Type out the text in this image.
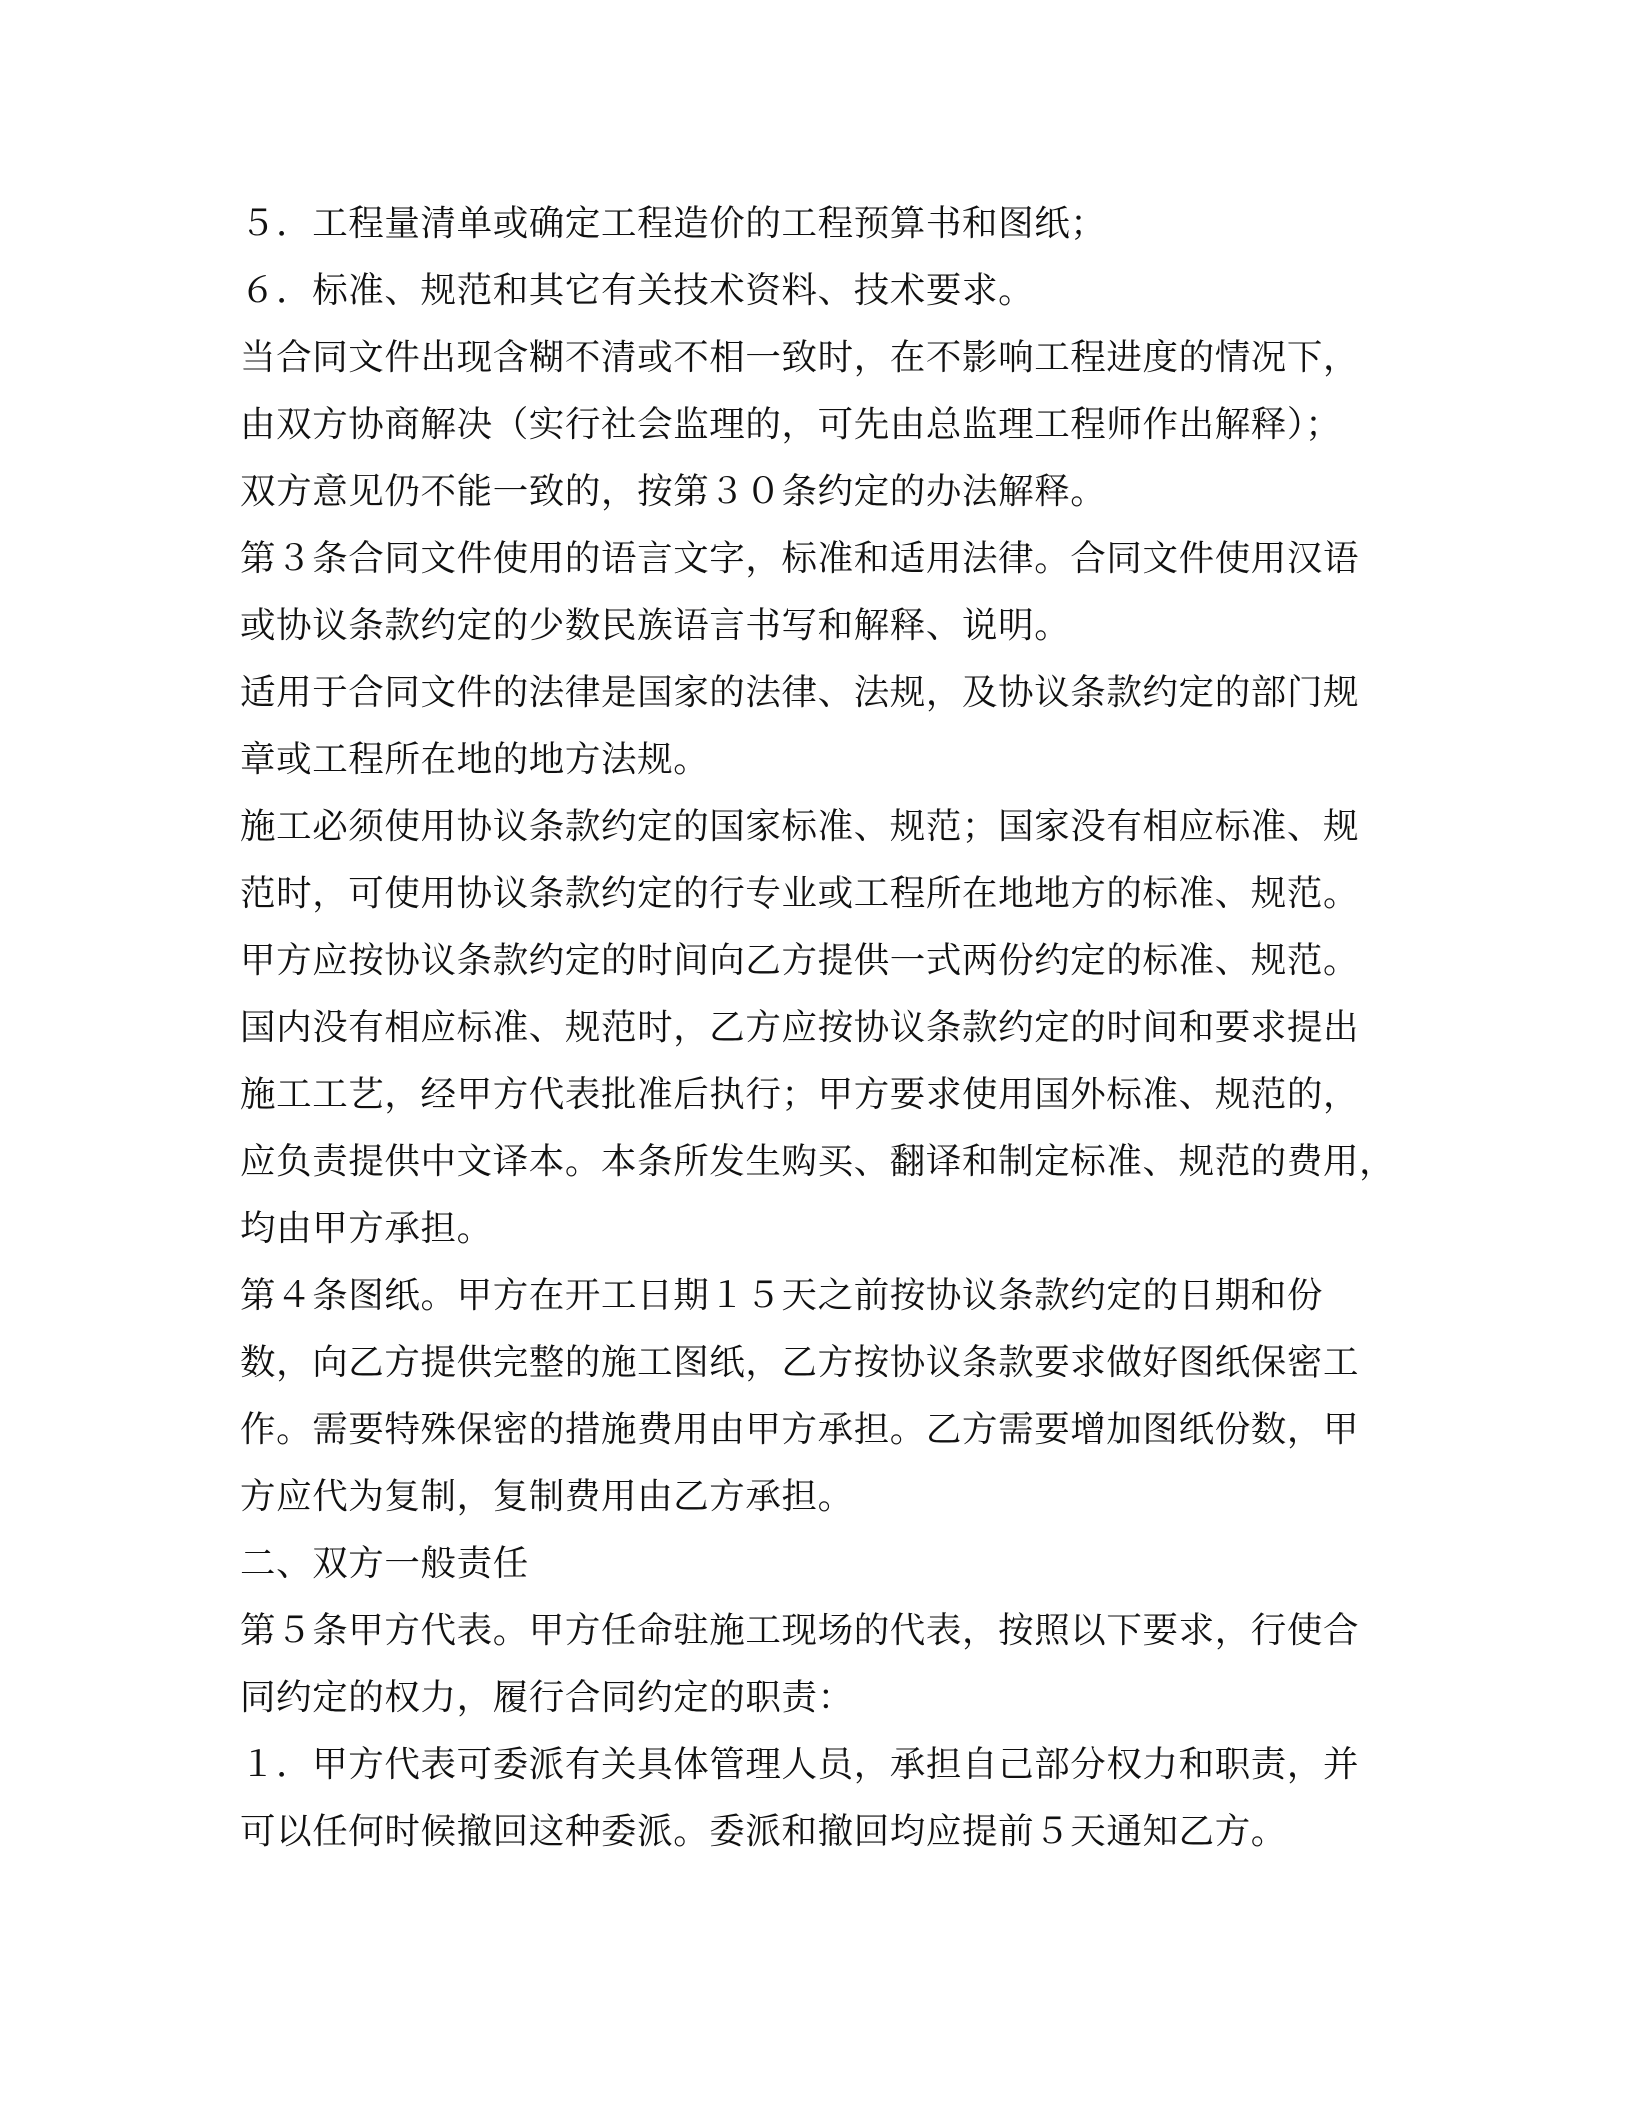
５．工程量清单或确定工程造价的工程预算书和图纸；
６．标准、规范和其它有关技术资料、技术要求。
当合同文件出现含糊不清或不相一致时，在不影响工程进度的情况下，
由双方协商解决（实行社会监理的，可先由总监理工程师作出解释）；
双方意见仍不能一致的，按第３０条约定的办法解释。
第３条合同文件使用的语言文字，标准和适用法律。合同文件使用汉语
或协议条款约定的少数民族语言书写和解释、说明。
适用于合同文件的法律是国家的法律、法规，及协议条款约定的部门规
章或工程所在地的地方法规。
施工必须使用协议条款约定的国家标准、规范；国家没有相应标准、规
范时，可使用协议条款约定的行专业或工程所在地地方的标准、规范。
甲方应按协议条款约定的时间向乙方提供一式两份约定的标准、规范。
国内没有相应标准、规范时，乙方应按协议条款约定的时间和要求提出
施工工艺，经甲方代表批准后执行；甲方要求使用国外标准、规范的，
应负责提供中文译本。本条所发生购买、翻译和制定标准、规范的费用，
均由甲方承担。
第４条图纸。甲方在开工日期１５天之前按协议条款约定的日期和份
数，向乙方提供完整的施工图纸，乙方按协议条款要求做好图纸保密工
作。需要特殊保密的措施费用由甲方承担。乙方需要增加图纸份数，甲
方应代为复制，复制费用由乙方承担。
二、双方一般责任
第５条甲方代表。甲方任命驻施工现场的代表，按照以下要求，行使合
同约定的权力，履行合同约定的职责：
１．甲方代表可委派有关具体管理人员，承担自己部分权力和职责，并
可以任何时候撤回这种委派。委派和撤回均应提前５天通知乙方。
